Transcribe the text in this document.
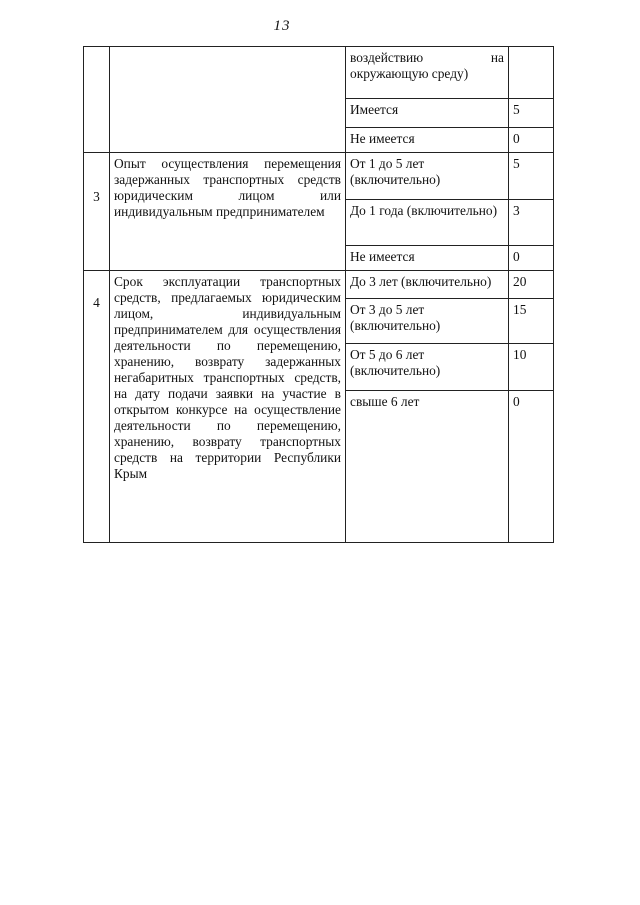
13

		воздействию на окружающую среду)	

		Имеется	5
		Не имеется	0
3	Опыт осуществления перемещения задержанных транспортных средств юридическим лицом или индивидуальным предпринимателем	От 1 до 5 лет (включительно)	5
		До 1 года (включительно)	3
		Не имеется	0
4	Срок эксплуатации транспортных средств, предлагаемых юридическим лицом, индивидуальным предпринимателем для осуществления деятельности по перемещению, хранению, возврату задержанных негабаритных транспортных средств, на дату подачи заявки на участие в открытом конкурсе на осуществление деятельности по перемещению, хранению, возврату транспортных средств на территории Республики Крым	До 3 лет (включительно)	20
		От 3 до 5 лет (включительно)	15
		От 5 до 6 лет (включительно)	10
		свыше 6 лет	0
